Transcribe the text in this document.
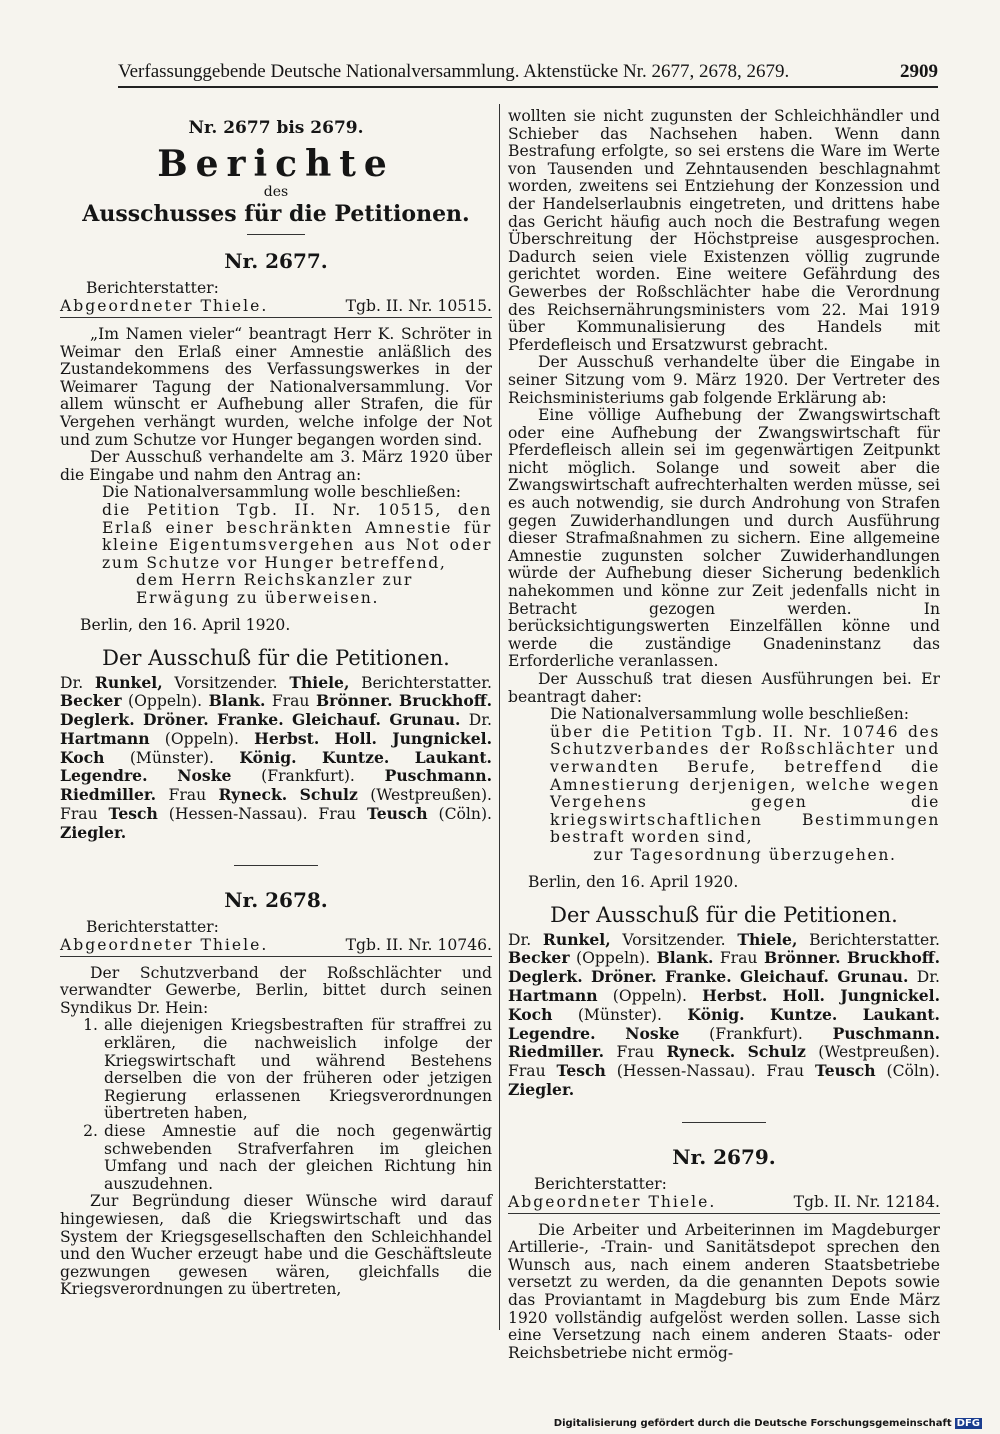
Verfassunggebende Deutsche Nationalversammlung. Aktenstücke Nr. 2677, 2678, 2679.	2909
Nr. 2677 bis 2679.
Berichte
des
Ausschusses für die Petitionen.
Nr. 2677.
Berichterstatter:
Abgeordneter Thiele.	Tgb. II. Nr. 10515.

„Im Namen vieler“ beantragt Herr K. Schröter in Weimar den Erlaß einer Amnestie anläßlich des Zustandekommens des Verfassungswerkes in der Weimarer Tagung der Nationalversammlung. Vor allem wünscht er Aufhebung aller Strafen, die für Vergehen verhängt wurden, welche infolge der Not und zum Schutze vor Hunger begangen worden sind.

Der Ausschuß verhandelte am 3. März 1920 über die Eingabe und nahm den Antrag an:

Die Nationalversammlung wolle beschließen:

die Petition Tgb. II. Nr. 10515, den Erlaß einer beschränkten Amnestie für kleine Eigentumsvergehen aus Not oder zum Schutze vor Hunger betreffend,

dem Herrn Reichskanzler zur Erwägung zu überweisen.

Berlin, den 16. April 1920.
Der Ausschuß für die Petitionen.
Dr. Runkel, Vorsitzender. Thiele, Berichterstatter. Becker (Oppeln). Blank. Frau Brönner. Bruckhoff. Deglerk. Dröner. Franke. Gleichauf. Grunau. Dr. Hartmann (Oppeln). Herbst. Holl. Jungnickel. Koch (Münster). König. Kuntze. Laukant. Legendre. Noske (Frankfurt). Puschmann. Riedmiller. Frau Ryneck. Schulz (Westpreußen). Frau Tesch (Hessen-Nassau). Frau Teusch (Cöln). Ziegler.
Nr. 2678.
Berichterstatter:
Abgeordneter Thiele.	Tgb. II. Nr. 10746.

Der Schutzverband der Roßschlächter und verwandter Gewerbe, Berlin, bittet durch seinen Syndikus Dr. Hein:

1. alle diejenigen Kriegsbestraften für straffrei zu erklären, die nachweislich infolge der Kriegswirtschaft und während Bestehens derselben die von der früheren oder jetzigen Regierung erlassenen Kriegsverordnungen übertreten haben,
2. diese Amnestie auf die noch gegenwärtig schwebenden Strafverfahren im gleichen Umfang und nach der gleichen Richtung hin auszudehnen.

Zur Begründung dieser Wünsche wird darauf hingewiesen, daß die Kriegswirtschaft und das System der Kriegsgesellschaften den Schleichhandel und den Wucher erzeugt habe und die Geschäftsleute gezwungen gewesen wären, gleichfalls die Kriegsverordnungen zu übertreten,

wollten sie nicht zugunsten der Schleichhändler und Schieber das Nachsehen haben. Wenn dann Bestrafung erfolgte, so sei erstens die Ware im Werte von Tausenden und Zehntausenden beschlagnahmt worden, zweitens sei Entziehung der Konzession und der Handelserlaubnis eingetreten, und drittens habe das Gericht häufig auch noch die Bestrafung wegen Überschreitung der Höchstpreise ausgesprochen. Dadurch seien viele Existenzen völlig zugrunde gerichtet worden. Eine weitere Gefährdung des Gewerbes der Roßschlächter habe die Verordnung des Reichsernährungsministers vom 22. Mai 1919 über Kommunalisierung des Handels mit Pferdefleisch und Ersatzwurst gebracht.

Der Ausschuß verhandelte über die Eingabe in seiner Sitzung vom 9. März 1920. Der Vertreter des Reichsministeriums gab folgende Erklärung ab:

Eine völlige Aufhebung der Zwangswirtschaft oder eine Aufhebung der Zwangswirtschaft für Pferdefleisch allein sei im gegenwärtigen Zeitpunkt nicht möglich. Solange und soweit aber die Zwangswirtschaft aufrechterhalten werden müsse, sei es auch notwendig, sie durch Androhung von Strafen gegen Zuwiderhandlungen und durch Ausführung dieser Strafmaßnahmen zu sichern. Eine allgemeine Amnestie zugunsten solcher Zuwiderhandlungen würde der Aufhebung dieser Sicherung bedenklich nahekommen und könne zur Zeit jedenfalls nicht in Betracht gezogen werden. In berücksichtigungswerten Einzelfällen könne und werde die zuständige Gnadeninstanz das Erforderliche veranlassen.

Der Ausschuß trat diesen Ausführungen bei. Er beantragt daher:

Die Nationalversammlung wolle beschließen:

über die Petition Tgb. II. Nr. 10746 des Schutzverbandes der Roßschlächter und verwandten Berufe, betreffend die Amnestierung derjenigen, welche wegen Vergehens gegen die kriegswirtschaftlichen Bestimmungen bestraft worden sind,

zur Tagesordnung überzugehen.

Berlin, den 16. April 1920.
Der Ausschuß für die Petitionen.
Dr. Runkel, Vorsitzender. Thiele, Berichterstatter. Becker (Oppeln). Blank. Frau Brönner. Bruckhoff. Deglerk. Dröner. Franke. Gleichauf. Grunau. Dr. Hartmann (Oppeln). Herbst. Holl. Jungnickel. Koch (Münster). König. Kuntze. Laukant. Legendre. Noske (Frankfurt). Puschmann. Riedmiller. Frau Ryneck. Schulz (Westpreußen). Frau Tesch (Hessen-Nassau). Frau Teusch (Cöln). Ziegler.
Nr. 2679.
Berichterstatter:
Abgeordneter Thiele.	Tgb. II. Nr. 12184.

Die Arbeiter und Arbeiterinnen im Magdeburger Artillerie-, -Train- und Sanitätsdepot sprechen den Wunsch aus, nach einem anderen Staatsbetriebe versetzt zu werden, da die genannten Depots sowie das Proviantamt in Magdeburg bis zum Ende März 1920 vollständig aufgelöst werden sollen. Lasse sich eine Versetzung nach einem anderen Staats- oder Reichsbetriebe nicht ermög-

Digitalisierung gefördert durch die Deutsche Forschungsgemeinschaft DFG
